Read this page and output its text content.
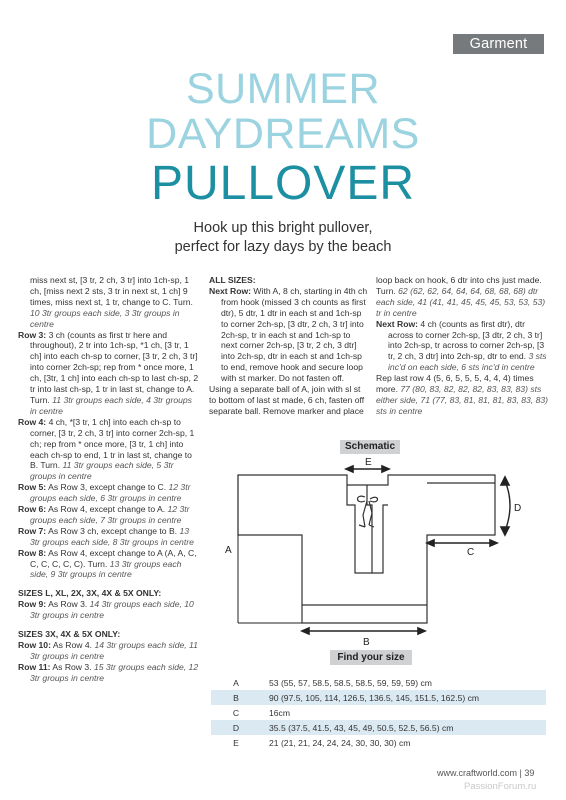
Garment
SUMMER
DAYDREAMS
PULLOVER
Hook up this bright pullover,
perfect for lazy days by the beach

miss next st, [3 tr, 2 ch, 3 tr] into 1ch-sp, 1 ch, [miss next 2 sts, 3 tr in next st, 1 ch] 9 times, miss next st, 1 tr, change to C. Turn. 10 3tr groups each side, 3 3tr groups in centre

Row 3: 3 ch (counts as first tr here and throughout), 2 tr into 1ch-sp, *1 ch, [3 tr, 1 ch] into each ch-sp to corner, [3 tr, 2 ch, 3 tr] into corner 2ch-sp; rep from * once more, 1 ch, [3tr, 1 ch] into each ch-sp to last ch-sp, 2 tr into last ch-sp, 1 tr in last st, change to A. Turn. 11 3tr groups each side, 4 3tr groups in centre

Row 4: 4 ch, *[3 tr, 1 ch] into each ch-sp to corner, [3 tr, 2 ch, 3 tr] into corner 2ch-sp, 1 ch; rep from * once more, [3 tr, 1 ch] into each ch-sp to end, 1 tr in last st, change to B. Turn. 11 3tr groups each side, 5 3tr groups in centre

Row 5: As Row 3, except change to C. 12 3tr groups each side, 6 3tr groups in centre

Row 6: As Row 4, except change to A. 12 3tr groups each side, 7 3tr groups in centre

Row 7: As Row 3 ch, except change to B. 13 3tr groups each side, 8 3tr groups in centre

Row 8: As Row 4, except change to A (A, A, C, C, C, C, C, C). Turn. 13 3tr groups each side, 9 3tr groups in centre

SIZES L, XL, 2X, 3X, 4X & 5X ONLY:

Row 9: As Row 3. 14 3tr groups each side, 10 3tr groups in centre

SIZES 3X, 4X & 5X ONLY:

Row 10: As Row 4. 14 3tr groups each side, 11 3tr groups in centre

Row 11: As Row 3. 15 3tr groups each side, 12 3tr groups in centre

ALL SIZES:

Next Row: With A, 8 ch, starting in 4th ch from hook (missed 3 ch counts as first dtr), 5 dtr, 1 dtr in each st and 1ch-sp to corner 2ch-sp, [3 dtr, 2 ch, 3 tr] into 2ch-sp, tr in each st and 1ch-sp to next corner 2ch-sp, [3 tr, 2 ch, 3 dtr] into 2ch-sp, dtr in each st and 1ch-sp to end, remove hook and secure loop with st marker. Do not fasten off.

Using a separate ball of A, join with sl st to bottom of last st made, 6 ch, fasten off separate ball. Remove marker and place

loop back on hook, 6 dtr into chs just made. Turn. 62 (62, 62, 64, 64, 64, 68, 68, 68) dtr each side, 41 (41, 41, 45, 45, 45, 53, 53, 53) tr in centre

Next Row: 4 ch (counts as first dtr), dtr across to corner 2ch-sp, [3 dtr, 2 ch, 3 tr] into 2ch-sp, tr across to corner 2ch-sp, [3 tr, 2 ch, 3 dtr] into 2ch-sp, dtr to end. 3 sts inc'd on each side, 6 sts inc'd in centre

Rep last row 4 (5, 6, 5, 5, 5, 4, 4, 4) times more. 77 (80, 83, 82, 82, 82, 83, 83, 83) sts either side, 71 (77, 83, 81, 81, 81, 83, 83, 83) sts in centre

Schematic
A
B
C
D
E
Find your size
A	53 (55, 57, 58.5, 58.5, 58.5, 59, 59, 59) cm
B	90 (97.5, 105, 114, 126.5, 136.5, 145, 151.5, 162.5) cm
C	16cm
D	35.5 (37.5, 41.5, 43, 45, 49, 50.5, 52.5, 56.5) cm
E	21 (21, 21, 24, 24, 24, 30, 30, 30) cm
www.craftworld.com | 39
PassionForum.ru
